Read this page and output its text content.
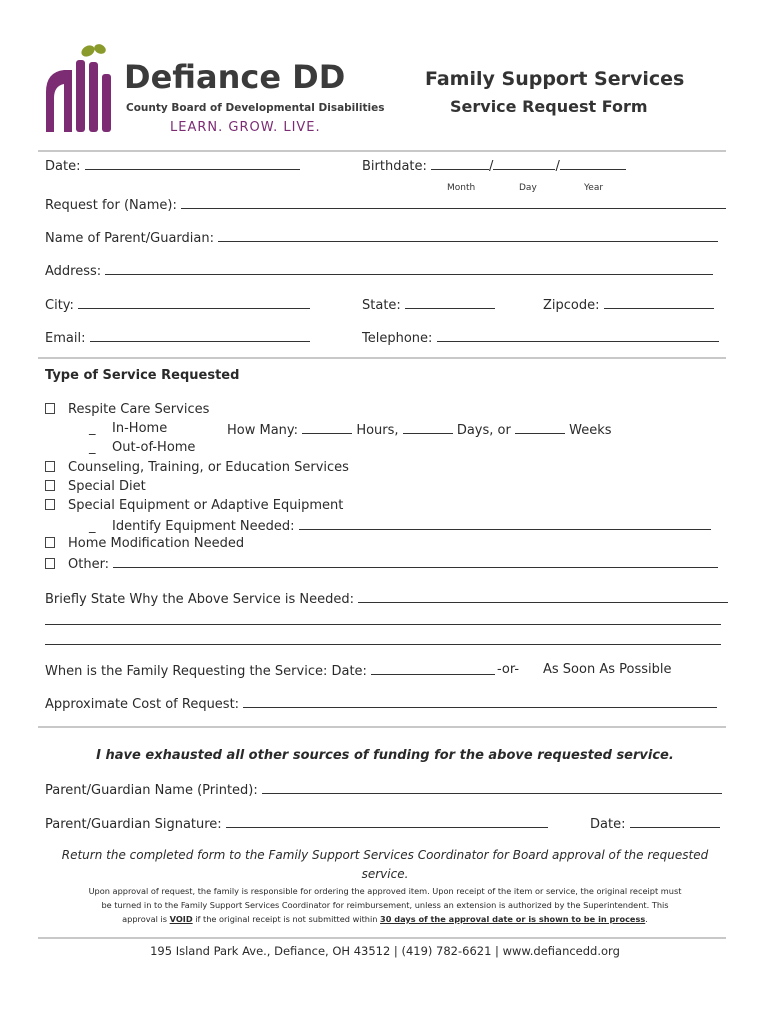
Defiance DD
County Board of Developmental Disabilities
LEARN. GROW. LIVE.
Family Support Services
Service Request Form
Date:	Birthdate:	/	/
Month	Day	Year
Request for (Name):
Name of Parent/Guardian:
Address:
City:	State:	Zipcode:
Email:	Telephone:
Type of Service Requested
Respite Care Services
_ In-Home	How Many:	Hours,	Days, or	Weeks
_ Out-of-Home
Counseling, Training, or Education Services
Special Diet
Special Equipment or Adaptive Equipment
_ Identify Equipment Needed:
Home Modification Needed
Other:
Briefly State Why the Above Service is Needed:
When is the Family Requesting the Service: Date:	-or- As Soon As Possible
Approximate Cost of Request:
I have exhausted all other sources of funding for the above requested service.
Parent/Guardian Name (Printed):
Parent/Guardian Signature:	Date:
Return the completed form to the Family Support Services Coordinator for Board approval of the requested
service.
Upon approval of request, the family is responsible for ordering the approved item. Upon receipt of the item or service, the original receipt must
be turned in to the Family Support Services Coordinator for reimbursement, unless an extension is authorized by the Superintendent. This
approval is VOID if the original receipt is not submitted within 30 days of the approval date or is shown to be in process.
195 Island Park Ave., Defiance, OH 43512 | (419) 782-6621 | www.defiancedd.org
